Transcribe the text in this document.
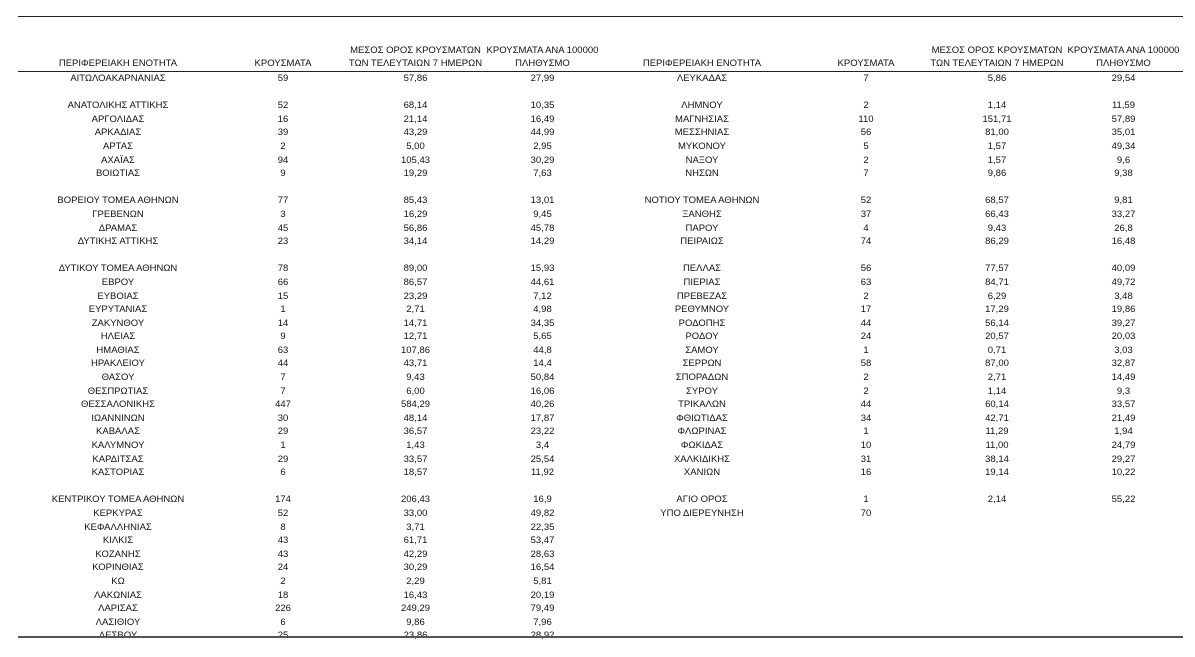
ΠΕΡΙΦΕΡΕΙΑΚΗ ΕΝΟΤΗΤΑ	ΚΡΟΥΣΜΑΤΑ	ΜΕΣΟΣ ΟΡΟΣ ΚΡΟΥΣΜΑΤΩΝ
ΤΩΝ ΤΕΛΕΥΤΑΙΩΝ 7 ΗΜΕΡΩΝ	ΚΡΟΥΣΜΑΤΑ ΑΝΑ 100000
ΠΛΗΘΥΣΜΟ
ΑΙΤΩΛΟΑΚΑΡΝΑΝΙΑΣ	59	57,86	27,99

ΑΝΑΤΟΛΙΚΗΣ ΑΤΤΙΚΗΣ	52	68,14	10,35
ΑΡΓΟΛΙΔΑΣ	16	21,14	16,49
ΑΡΚΑΔΙΑΣ	39	43,29	44,99
ΑΡΤΑΣ	2	5,00	2,95
ΑΧΑΪΑΣ	94	105,43	30,29
ΒΟΙΩΤΙΑΣ	9	19,29	7,63

ΒΟΡΕΙΟΥ ΤΟΜΕΑ ΑΘΗΝΩΝ	77	85,43	13,01
ΓΡΕΒΕΝΩΝ	3	16,29	9,45
ΔΡΑΜΑΣ	45	56,86	45,78
ΔΥΤΙΚΗΣ ΑΤΤΙΚΗΣ	23	34,14	14,29

ΔΥΤΙΚΟΥ ΤΟΜΕΑ ΑΘΗΝΩΝ	78	89,00	15,93
ΕΒΡΟΥ	66	86,57	44,61
ΕΥΒΟΙΑΣ	15	23,29	7,12
ΕΥΡΥΤΑΝΙΑΣ	1	2,71	4,98
ΖΑΚΥΝΘΟΥ	14	14,71	34,35
ΗΛΕΙΑΣ	9	12,71	5,65
ΗΜΑΘΙΑΣ	63	107,86	44,8
ΗΡΑΚΛΕΙΟΥ	44	43,71	14,4
ΘΑΣΟΥ	7	9,43	50,84
ΘΕΣΠΡΩΤΙΑΣ	7	6,00	16,06
ΘΕΣΣΑΛΟΝΙΚΗΣ	447	584,29	40,26
ΙΩΑΝΝΙΝΩΝ	30	48,14	17,87
ΚΑΒΑΛΑΣ	29	36,57	23,22
ΚΑΛΥΜΝΟΥ	1	1,43	3,4
ΚΑΡΔΙΤΣΑΣ	29	33,57	25,54
ΚΑΣΤΟΡΙΑΣ	6	18,57	11,92

ΚΕΝΤΡΙΚΟΥ ΤΟΜΕΑ ΑΘΗΝΩΝ	174	206,43	16,9
ΚΕΡΚΥΡΑΣ	52	33,00	49,82
ΚΕΦΑΛΛΗΝΙΑΣ	8	3,71	22,35
ΚΙΛΚΙΣ	43	61,71	53,47
ΚΟΖΑΝΗΣ	43	42,29	28,63
ΚΟΡΙΝΘΙΑΣ	24	30,29	16,54
ΚΩ	2	2,29	5,81
ΛΑΚΩΝΙΑΣ	18	16,43	20,19
ΛΑΡΙΣΑΣ	226	249,29	79,49
ΛΑΣΙΘΙΟΥ	6	9,86	7,96
ΛΕΣΒΟΥ	25	23,86	28,92
ΠΕΡΙΦΕΡΕΙΑΚΗ ΕΝΟΤΗΤΑ	ΚΡΟΥΣΜΑΤΑ	ΜΕΣΟΣ ΟΡΟΣ ΚΡΟΥΣΜΑΤΩΝ
ΤΩΝ ΤΕΛΕΥΤΑΙΩΝ 7 ΗΜΕΡΩΝ	ΚΡΟΥΣΜΑΤΑ ΑΝΑ 100000
ΠΛΗΘΥΣΜΟ
ΛΕΥΚΑΔΑΣ	7	5,86	29,54

ΛΗΜΝΟΥ	2	1,14	11,59
ΜΑΓΝΗΣΙΑΣ	110	151,71	57,89
ΜΕΣΣΗΝΙΑΣ	56	81,00	35,01
ΜΥΚΟΝΟΥ	5	1,57	49,34
ΝΑΞΟΥ	2	1,57	9,6
ΝΗΣΩΝ	7	9,86	9,38

ΝΟΤΙΟΥ ΤΟΜΕΑ ΑΘΗΝΩΝ	52	68,57	9,81
ΞΑΝΘΗΣ	37	66,43	33,27
ΠΑΡΟΥ	4	9,43	26,8
ΠΕΙΡΑΙΩΣ	74	86,29	16,48

ΠΕΛΛΑΣ	56	77,57	40,09
ΠΙΕΡΙΑΣ	63	84,71	49,72
ΠΡΕΒΕΖΑΣ	2	6,29	3,48
ΡΕΘΥΜΝΟΥ	17	17,29	19,86
ΡΟΔΟΠΗΣ	44	56,14	39,27
ΡΟΔΟΥ	24	20,57	20,03
ΣΑΜΟΥ	1	0,71	3,03
ΣΕΡΡΩΝ	58	87,00	32,87
ΣΠΟΡΑΔΩΝ	2	2,71	14,49
ΣΥΡΟΥ	2	1,14	9,3
ΤΡΙΚΑΛΩΝ	44	60,14	33,57
ΦΘΙΩΤΙΔΑΣ	34	42,71	21,49
ΦΛΩΡΙΝΑΣ	1	11,29	1,94
ΦΩΚΙΔΑΣ	10	11,00	24,79
ΧΑΛΚΙΔΙΚΗΣ	31	38,14	29,27
ΧΑΝΙΩΝ	16	19,14	10,22

ΑΓΙΟ ΟΡΟΣ	1	2,14	55,22
ΥΠΟ ΔΙΕΡΕΥΝΗΣΗ	70		
